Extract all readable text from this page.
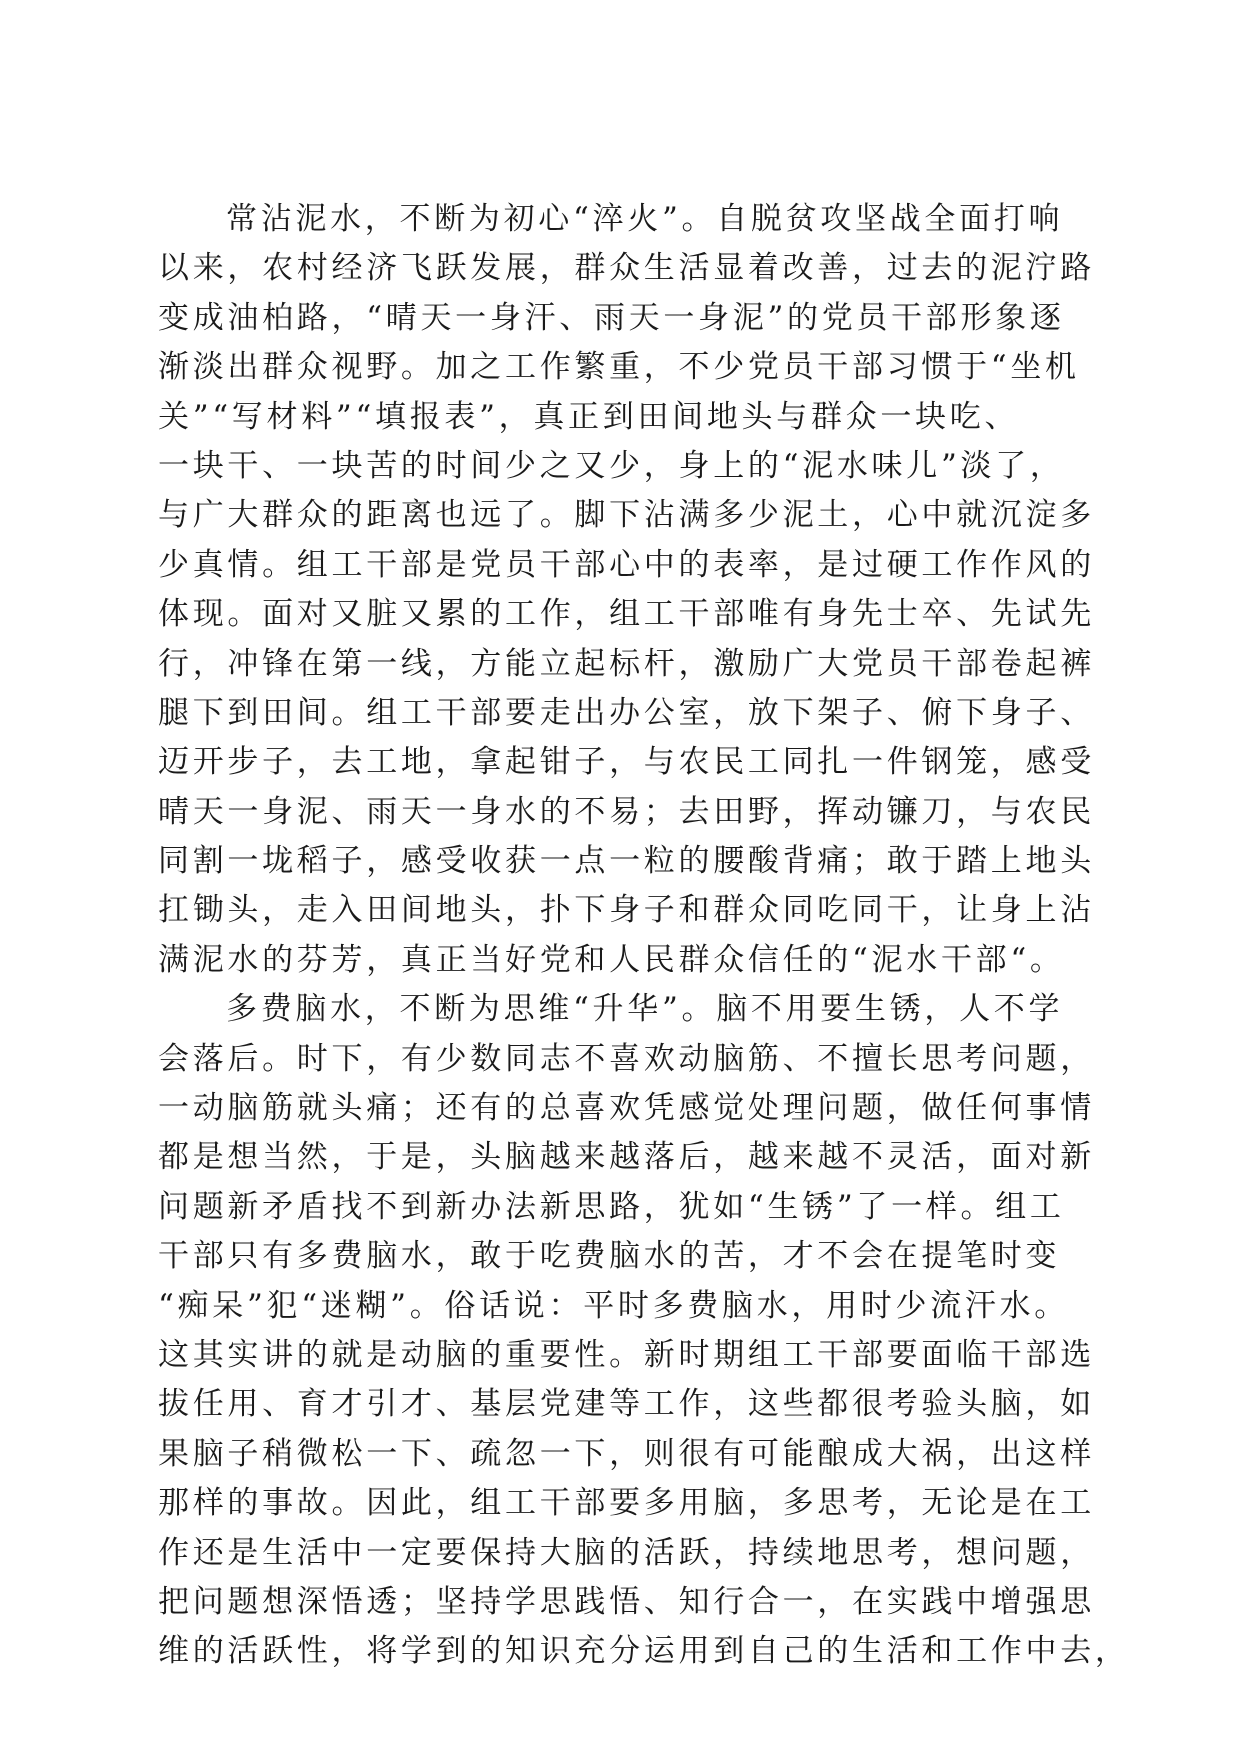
常沾泥水，不断为初心“淬火”。自脱贫攻坚战全面打响
以来，农村经济飞跃发展，群众生活显着改善，过去的泥泞路
变成油柏路，“晴天一身汗、雨天一身泥”的党员干部形象逐
渐淡出群众视野。加之工作繁重，不少党员干部习惯于“坐机
关”“写材料”“填报表”，真正到田间地头与群众一块吃、
一块干、一块苦的时间少之又少，身上的“泥水味儿”淡了，
与广大群众的距离也远了。脚下沾满多少泥土，心中就沉淀多
少真情。组工干部是党员干部心中的表率，是过硬工作作风的
体现。面对又脏又累的工作，组工干部唯有身先士卒、先试先
行，冲锋在第一线，方能立起标杆，激励广大党员干部卷起裤
腿下到田间。组工干部要走出办公室，放下架子、俯下身子、
迈开步子，去工地，拿起钳子，与农民工同扎一件钢笼，感受
晴天一身泥、雨天一身水的不易；去田野，挥动镰刀，与农民
同割一垅稻子，感受收获一点一粒的腰酸背痛；敢于踏上地头
扛锄头，走入田间地头，扑下身子和群众同吃同干，让身上沾
满泥水的芬芳，真正当好党和人民群众信任的“泥水干部“。
多费脑水，不断为思维“升华”。脑不用要生锈，人不学
会落后。时下，有少数同志不喜欢动脑筋、不擅长思考问题，
一动脑筋就头痛；还有的总喜欢凭感觉处理问题，做任何事情
都是想当然，于是，头脑越来越落后，越来越不灵活，面对新
问题新矛盾找不到新办法新思路，犹如“生锈”了一样。组工
干部只有多费脑水，敢于吃费脑水的苦，才不会在提笔时变
“痴呆”犯“迷糊”。俗话说：平时多费脑水，用时少流汗水。
这其实讲的就是动脑的重要性。新时期组工干部要面临干部选
拔任用、育才引才、基层党建等工作，这些都很考验头脑，如
果脑子稍微松一下、疏忽一下，则很有可能酿成大祸，出这样
那样的事故。因此，组工干部要多用脑，多思考，无论是在工
作还是生活中一定要保持大脑的活跃，持续地思考，想问题，
把问题想深悟透；坚持学思践悟、知行合一，在实践中增强思
维的活跃性，将学到的知识充分运用到自己的生活和工作中去，
